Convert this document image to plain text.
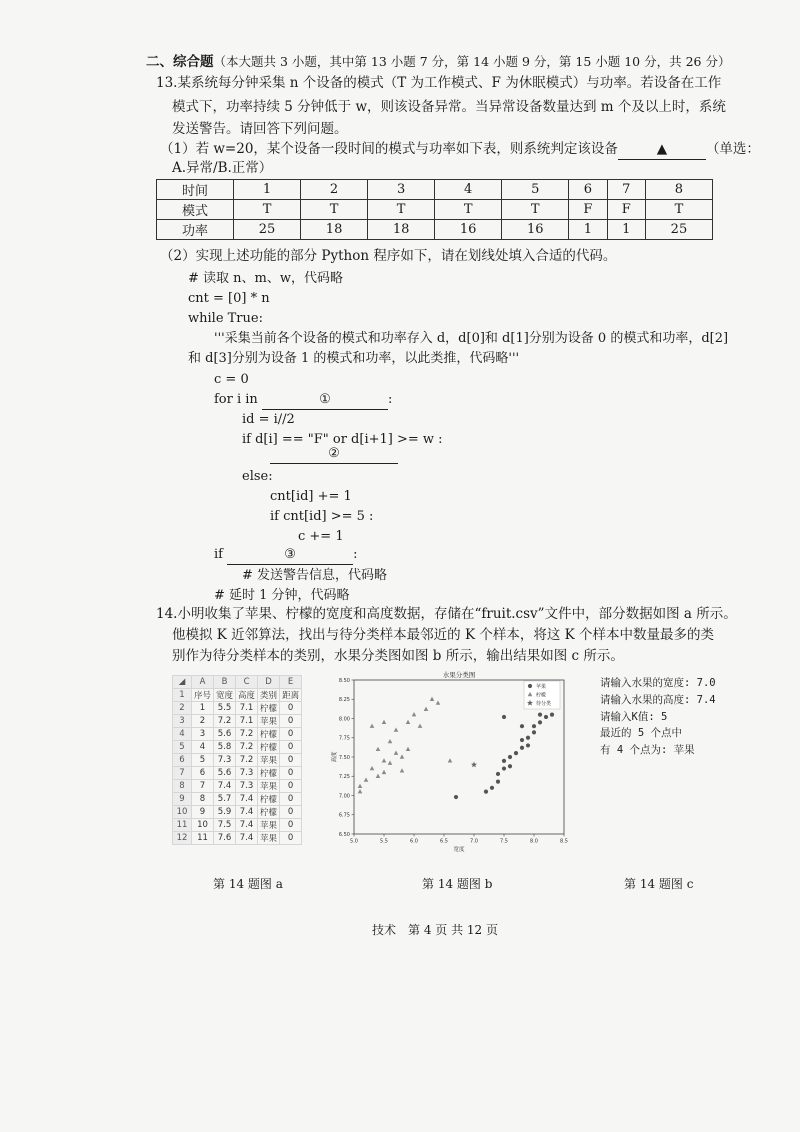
二、综合题（本大题共 3 小题，其中第 13 小题 7 分，第 14 小题 9 分，第 15 小题 10 分，共 26 分）
13.某系统每分钟采集 n 个设备的模式（T 为工作模式、F 为休眠模式）与功率。若设备在工作
模式下，功率持续 5 分钟低于 w，则该设备异常。当异常设备数量达到 m 个及以上时，系统
发送警告。请回答下列问题。
（1）若 w=20，某个设备一段时间的模式与功率如下表，则系统判定该设备	▲	（单选：
A.异常/B.正常）
时间	1	2	3	4	5	6	7	8
模式	T	T	T	T	T	F	F	T
功率	25	18	18	16	16	1	1	25
（2）实现上述功能的部分 Python 程序如下，请在划线处填入合适的代码。
# 读取 n、m、w，代码略
cnt = [0] * n
while True:
'''采集当前各个设备的模式和功率存入 d，d[0]和 d[1]分别为设备 0 的模式和功率，d[2]
和 d[3]分别为设备 1 的模式和功率，以此类推，代码略'''
c = 0
for i in	①	:
id = i//2
if d[i] == "F" or d[i+1] >= w :
②
else:
cnt[id] += 1
if cnt[id] >= 5 :
c += 1
if	③	:
# 发送警告信息，代码略
# 延时 1 分钟，代码略
14.小明收集了苹果、柠檬的宽度和高度数据，存储在“fruit.csv”文件中，部分数据如图 a 所示。
他模拟 K 近邻算法，找出与待分类样本最邻近的 K 个样本，将这 K 个样本中数量最多的类
别作为待分类样本的类别，水果分类图如图 b 所示，输出结果如图 c 所示。
◢	A	B	C	D	E
1	序号	宽度	高度	类别	距离
2	1	5.5	7.1	柠檬	0
3	2	7.2	7.1	苹果	0
4	3	5.6	7.2	柠檬	0
5	4	5.8	7.2	柠檬	0
6	5	7.3	7.2	苹果	0
7	6	5.6	7.3	柠檬	0
8	7	7.4	7.3	苹果	0
9	8	5.7	7.4	柠檬	0
10	9	5.9	7.4	柠檬	0
11	10	7.5	7.4	苹果	0
12	11	7.6	7.4	苹果	0
水果分类图
5.0	5.5	6.0	6.5	7.0	7.5	8.0	8.5
6.50
6.75
7.00
7.25
7.50
7.75
8.00
8.25
8.50
宽度
高度
苹果
柠檬
待分类
请输入水果的宽度: 7.0
请输入水果的高度: 7.4
请输入K值: 5
最近的 5 个点中
有 4 个点为: 苹果
第 14 题图 a	第 14 题图 b	第 14 题图 c
技术　第 4 页 共 12 页
